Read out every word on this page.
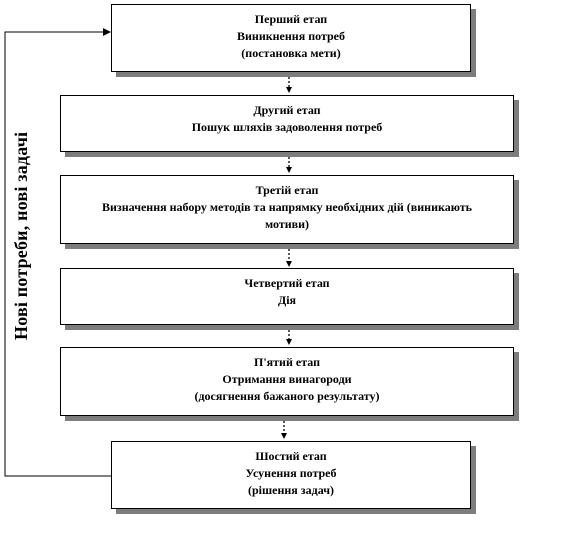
Перший етап
Виникнення потреб
(постановка мети)
Другий етап
Пошук шляхів задоволення потреб
Третій етап
Визначення набору методів та напрямку необхідних дій (виникають
мотиви)
Четвертий етап
Дія
П'ятий етап
Отримання винагороди
(досягнення бажаного результату)
Шостий етап
Усунення потреб
(рішення задач)
Нові потреби, нові задачі
